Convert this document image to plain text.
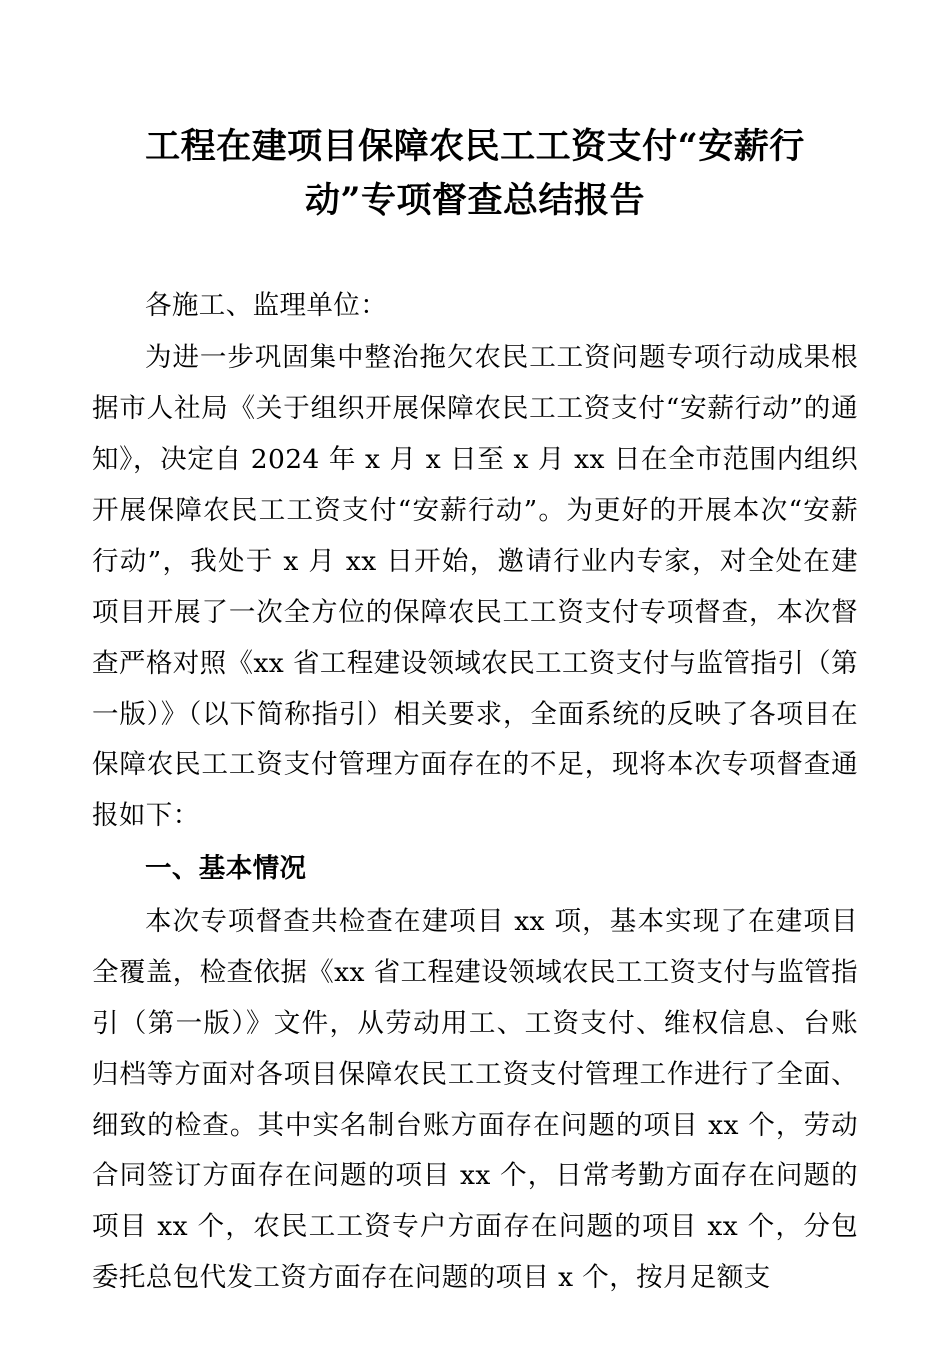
工程在建项目保障农民工工资支付“安薪行动”专项督查总结报告

各施工、监理单位：

为进一步巩固集中整治拖欠农民工工资问题专项行动成果根据市人社局《关于组织开展保障农民工工资支付“安薪行动”的通知》，决定自 2024 年 x 月 x 日至 x 月 xx 日在全市范围内组织开展保障农民工工资支付“安薪行动”。为更好的开展本次“安薪行动”，我处于 x 月 xx 日开始，邀请行业内专家，对全处在建项目开展了一次全方位的保障农民工工资支付专项督查，本次督查严格对照《xx 省工程建设领域农民工工资支付与监管指引（第一版）》（以下简称指引）相关要求，全面系统的反映了各项目在保障农民工工资支付管理方面存在的不足，现将本次专项督查通报如下：

一、基本情况

本次专项督查共检查在建项目 xx 项，基本实现了在建项目全覆盖，检查依据《xx 省工程建设领域农民工工资支付与监管指引（第一版）》文件，从劳动用工、工资支付、维权信息、台账归档等方面对各项目保障农民工工资支付管理工作进行了全面、细致的检查。其中实名制台账方面存在问题的项目 xx 个，劳动合同签订方面存在问题的项目 xx 个，日常考勤方面存在问题的项目 xx 个，农民工工资专户方面存在问题的项目 xx 个，分包委托总包代发工资方面存在问题的项目 x 个，按月足额支
